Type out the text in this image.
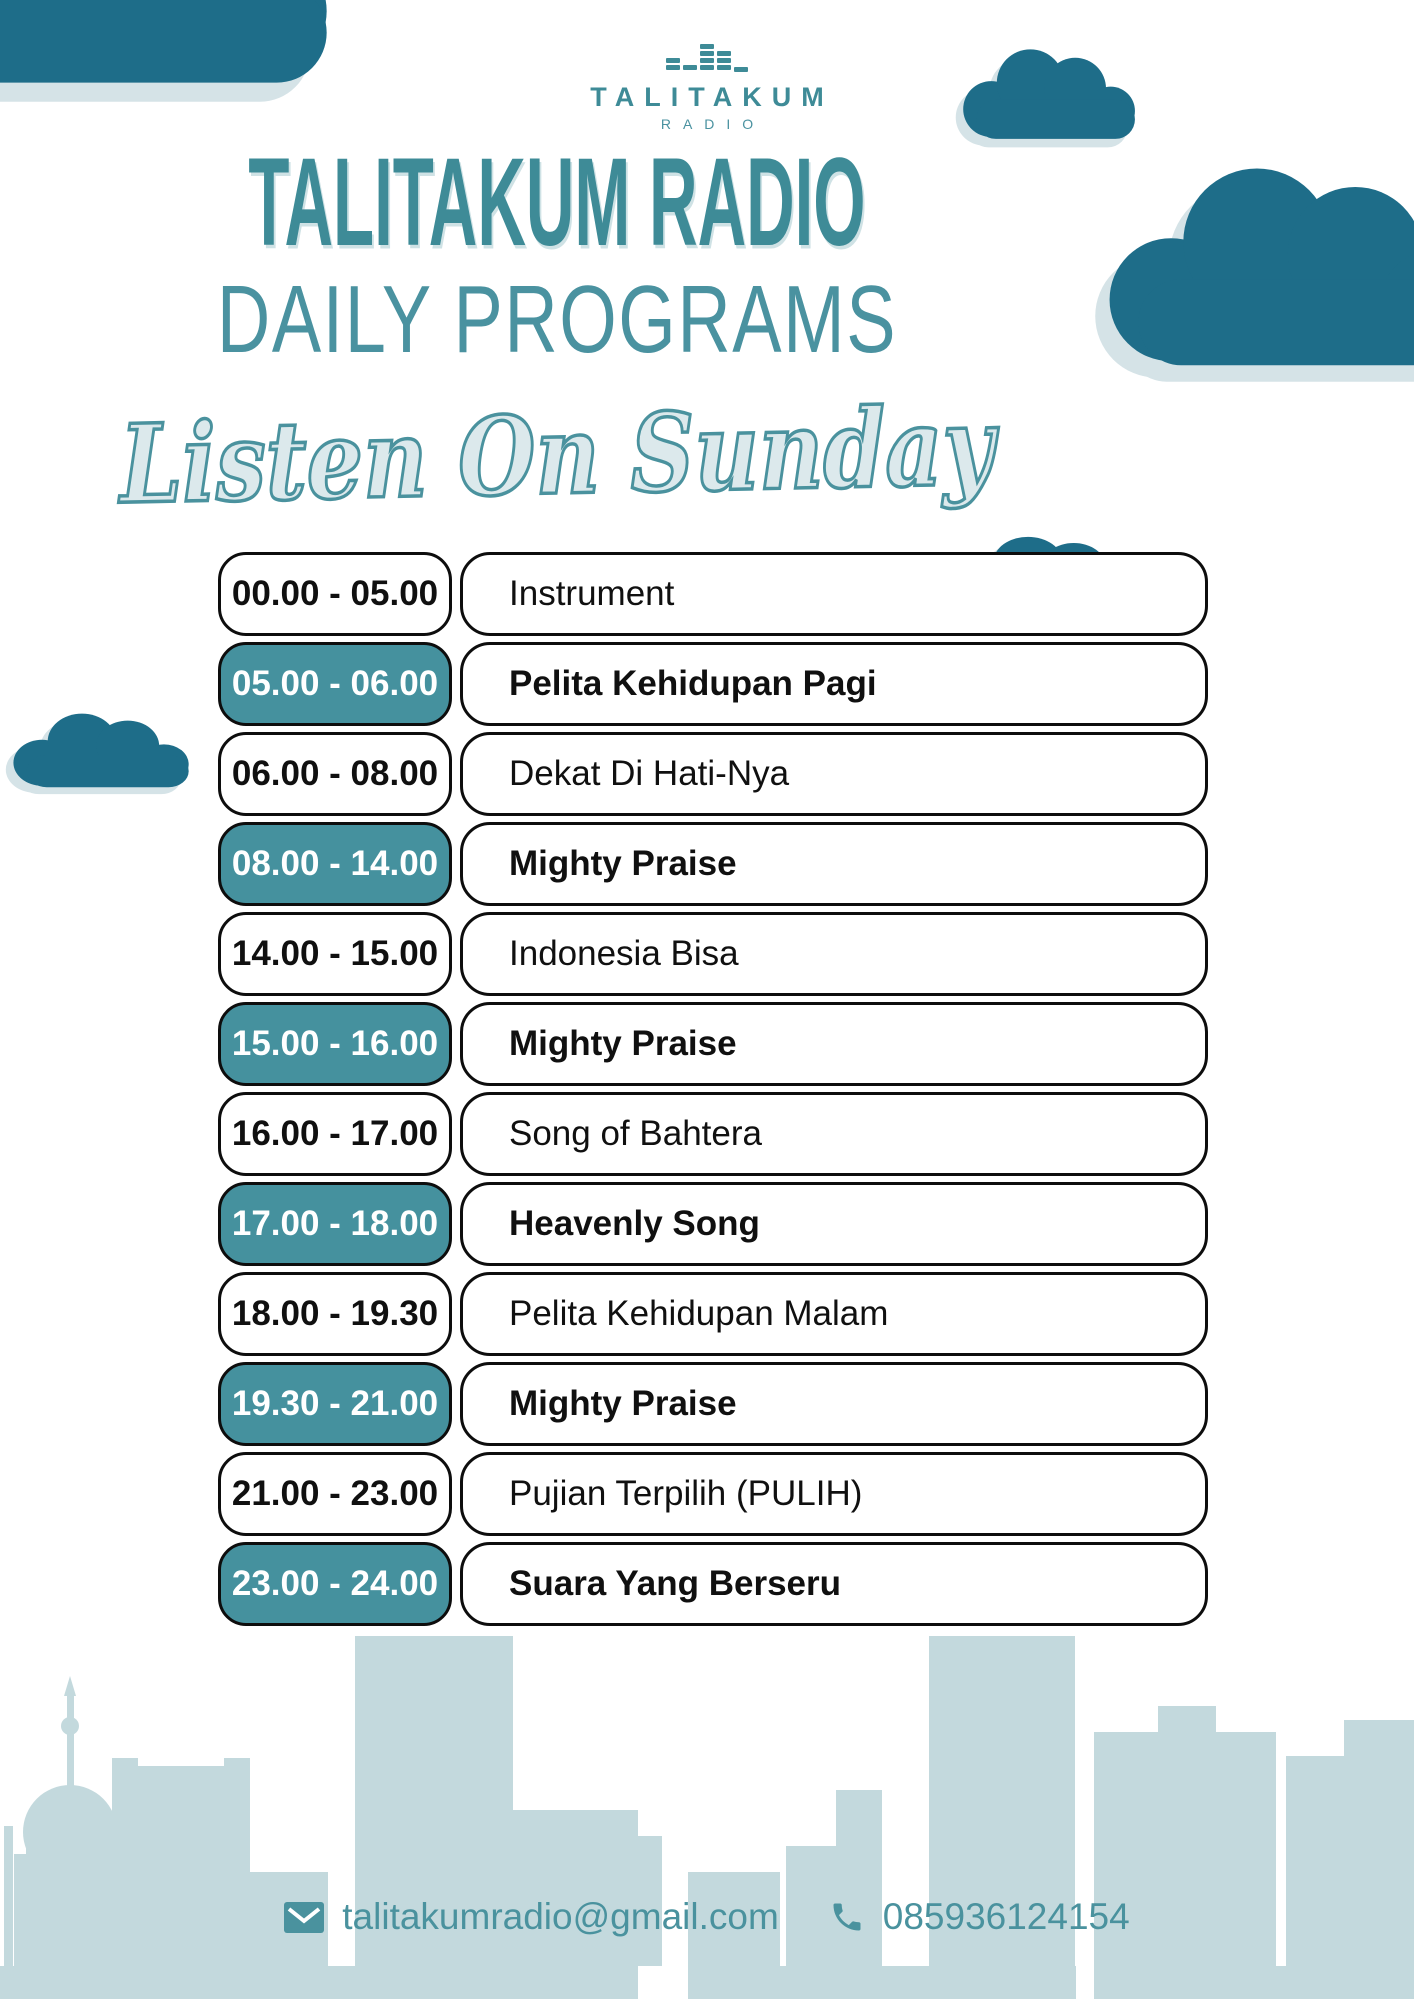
TALITAKUM
RADIO
TALITAKUM RADIO
DAILY PROGRAMS
Listen On Sunday
00.00 - 05.00	Instrument
05.00 - 06.00	Pelita Kehidupan Pagi
06.00 - 08.00	Dekat Di Hati-Nya
08.00 - 14.00	Mighty Praise
14.00 - 15.00	Indonesia Bisa
15.00 - 16.00	Mighty Praise
16.00 - 17.00	Song of Bahtera
17.00 - 18.00	Heavenly Song
18.00 - 19.30	Pelita Kehidupan Malam
19.30 - 21.00	Mighty Praise
21.00 - 23.00	Pujian Terpilih (PULIH)
23.00 - 24.00	Suara Yang Berseru
talitakumradio@gmail.com	085936124154
